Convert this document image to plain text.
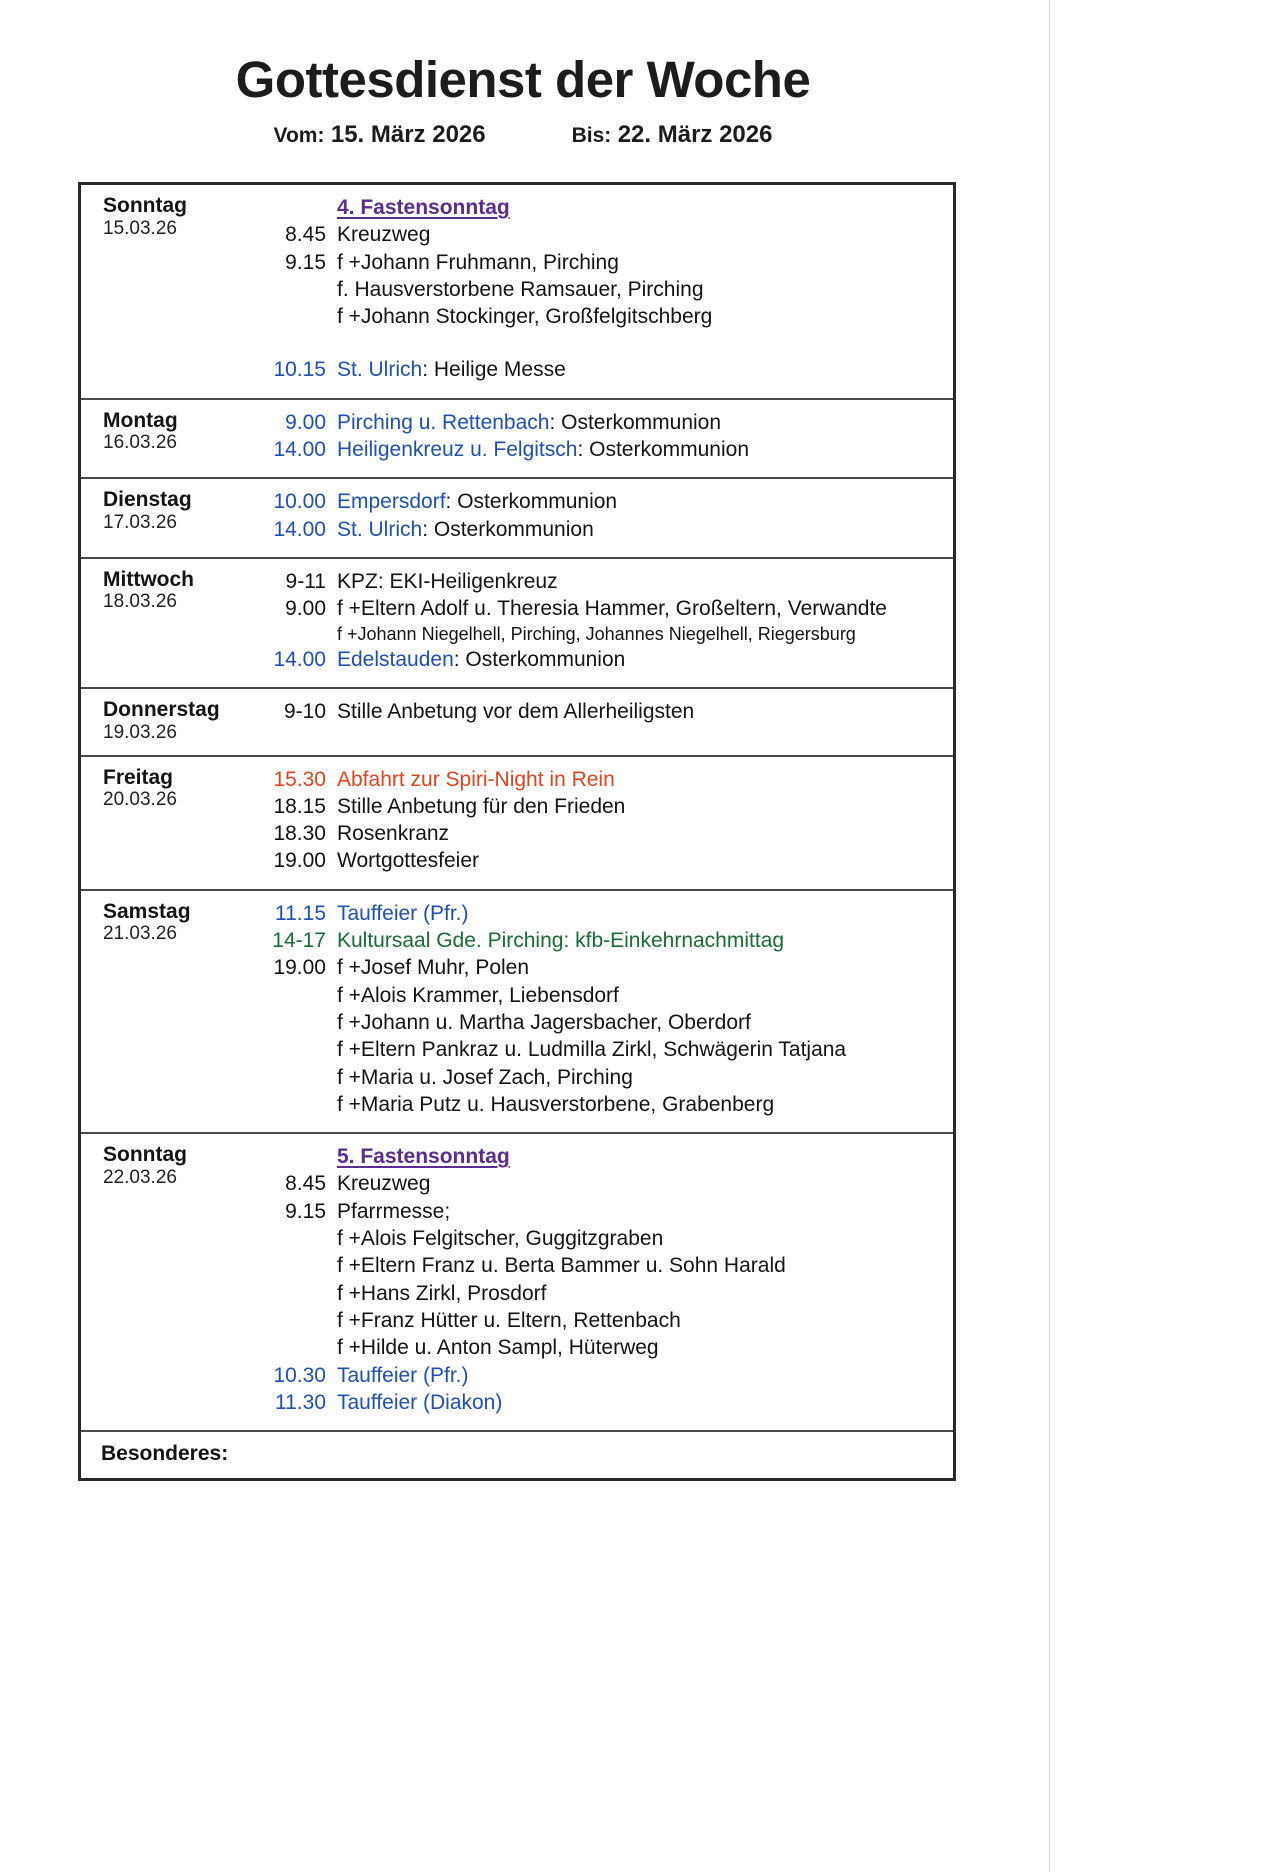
Gottesdienst der Woche
Vom: 15. März 2026	Bis: 22. März 2026
Sonntag
15.03.26
4. Fastensonntag
8.45 Kreuzweg
9.15 f +Johann Fruhmann, Pirching
f. Hausverstorbene Ramsauer, Pirching
f +Johann Stockinger, Großfelgitschberg
10.15 St. Ulrich: Heilige Messe
Montag
16.03.26
9.00 Pirching u. Rettenbach: Osterkommunion
14.00 Heiligenkreuz u. Felgitsch: Osterkommunion
Dienstag
17.03.26
10.00 Empersdorf: Osterkommunion
14.00 St. Ulrich: Osterkommunion
Mittwoch
18.03.26
9-11 KPZ: EKI-Heiligenkreuz
9.00 f +Eltern Adolf u. Theresia Hammer, Großeltern, Verwandte
f +Johann Niegelhell, Pirching, Johannes Niegelhell, Riegersburg
14.00 Edelstauden: Osterkommunion
Donnerstag
19.03.26
9-10 Stille Anbetung vor dem Allerheiligsten
Freitag
20.03.26
15.30 Abfahrt zur Spiri-Night in Rein
18.15 Stille Anbetung für den Frieden
18.30 Rosenkranz
19.00 Wortgottesfeier
Samstag
21.03.26
11.15 Tauffeier (Pfr.)
14-17 Kultursaal Gde. Pirching: kfb-Einkehrnachmittag
19.00 f +Josef Muhr, Polen
f +Alois Krammer, Liebensdorf
f +Johann u. Martha Jagersbacher, Oberdorf
f +Eltern Pankraz u. Ludmilla Zirkl, Schwägerin Tatjana
f +Maria u. Josef Zach, Pirching
f +Maria Putz u. Hausverstorbene, Grabenberg
Sonntag
22.03.26
5. Fastensonntag
8.45 Kreuzweg
9.15 Pfarrmesse;
f +Alois Felgitscher, Guggitzgraben
f +Eltern Franz u. Berta Bammer u. Sohn Harald
f +Hans Zirkl, Prosdorf
f +Franz Hütter u. Eltern, Rettenbach
f +Hilde u. Anton Sampl, Hüterweg
10.30 Tauffeier (Pfr.)
11.30 Tauffeier (Diakon)
Besonderes:
